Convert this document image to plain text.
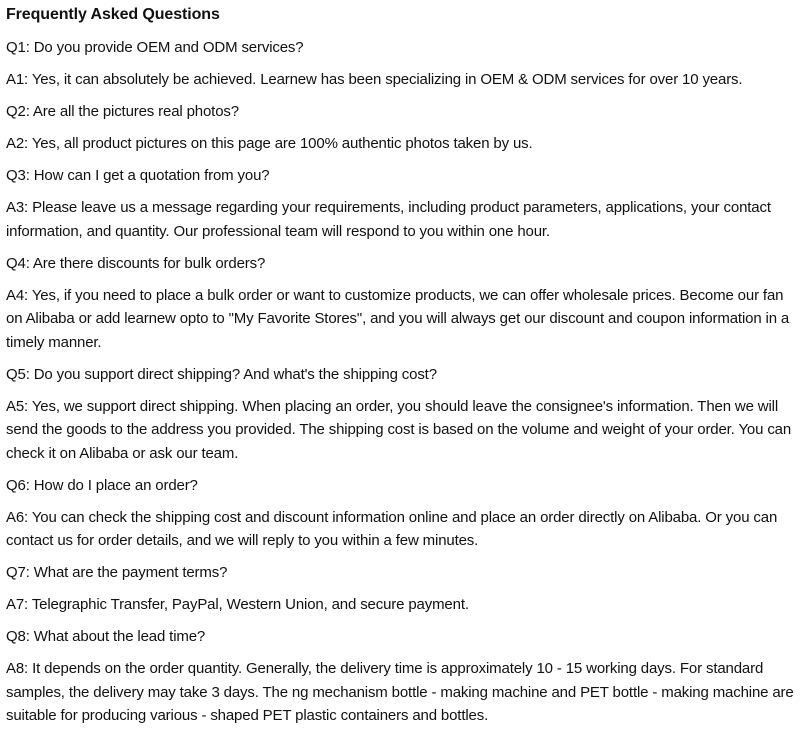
Frequently Asked Questions

Q1: Do you provide OEM and ODM services?

A1: Yes, it can absolutely be achieved. Learnew has been specializing in OEM & ODM services for over 10 years.

Q2: Are all the pictures real photos?

A2: Yes, all product pictures on this page are 100% authentic photos taken by us.

Q3: How can I get a quotation from you?

A3: Please leave us a message regarding your requirements, including product parameters, applications, your contact information, and quantity. Our professional team will respond to you within one hour.

Q4: Are there discounts for bulk orders?

A4: Yes, if you need to place a bulk order or want to customize products, we can offer wholesale prices. Become our fan on Alibaba or add learnew opto to "My Favorite Stores", and you will always get our discount and coupon information in a timely manner.

Q5: Do you support direct shipping? And what's the shipping cost?

A5: Yes, we support direct shipping. When placing an order, you should leave the consignee's information. Then we will send the goods to the address you provided. The shipping cost is based on the volume and weight of your order. You can check it on Alibaba or ask our team.

Q6: How do I place an order?

A6: You can check the shipping cost and discount information online and place an order directly on Alibaba. Or you can contact us for order details, and we will reply to you within a few minutes.

Q7: What are the payment terms?

A7: Telegraphic Transfer, PayPal, Western Union, and secure payment.

Q8: What about the lead time?

A8: It depends on the order quantity. Generally, the delivery time is approximately 10 - 15 working days. For standard samples, the delivery may take 3 days. The ng mechanism bottle - making machine and PET bottle - making machine are suitable for producing various - shaped PET plastic containers and bottles.
